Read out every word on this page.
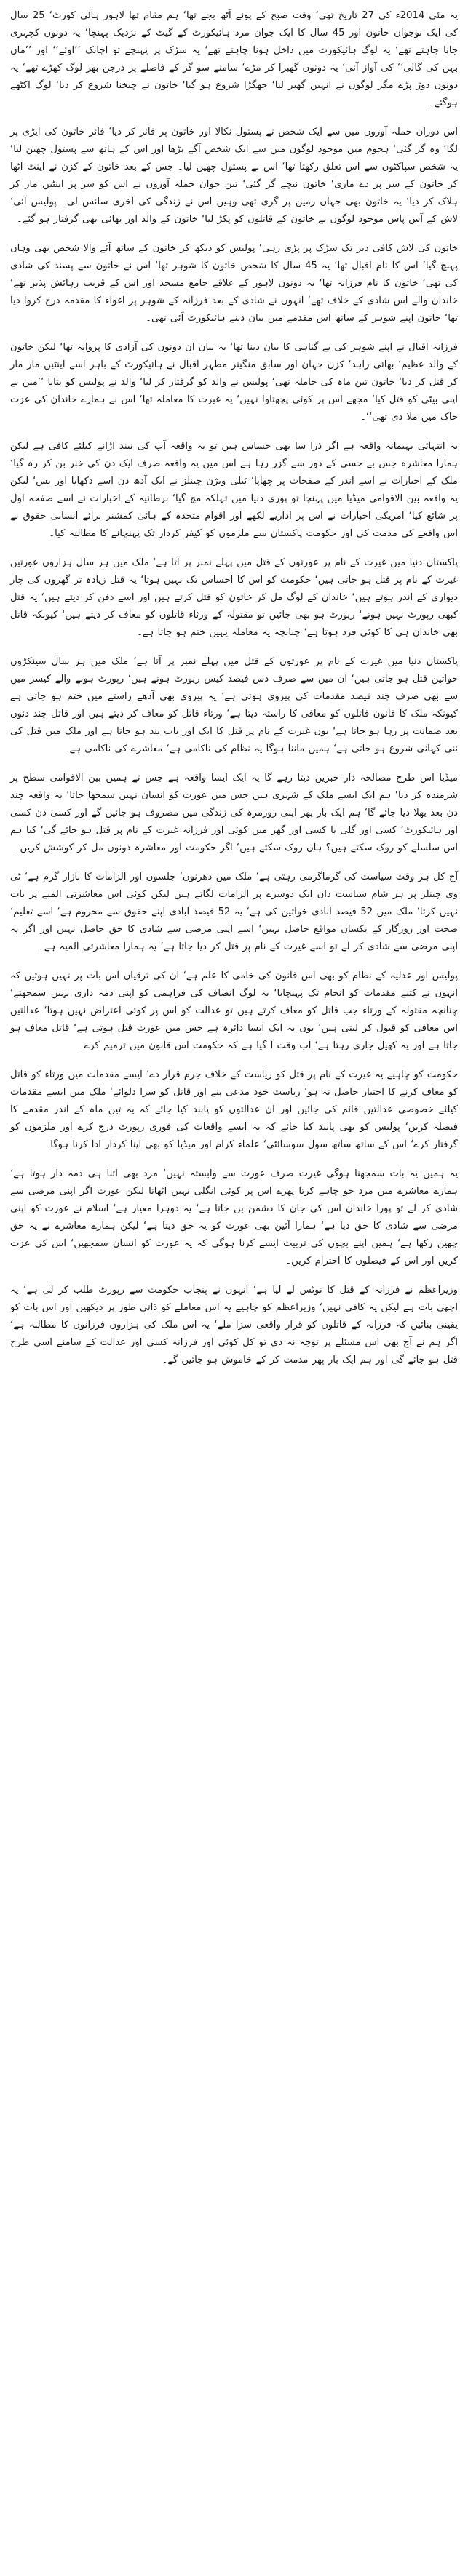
یہ مئی 2014ء کی 27 تاریخ تھی‘ وقت صبح کے پونے آٹھ بجے تھا‘ ہم مقام تھا لاہور ہائی کورٹ‘ 25 سال کی ایک نوجوان خاتون اور 45 سال کا ایک جوان مرد ہائیکورٹ کے گیٹ کے نزدیک پہنچا‘ یہ دونوں کچہری جانا چاہتے تھے‘ یہ لوگ ہائیکورٹ میں داخل ہونا چاہتے تھے‘ یہ سڑک پر پہنچے تو اچانک ’’اوئے‘‘ اور ’’ماں بہن کی گالی‘‘ کی آواز آئی‘ یہ دونوں گھبرا کر مڑے‘ سامنے سو گز کے فاصلے پر درجن بھر لوگ کھڑے تھے‘ یہ دونوں دوڑ پڑے مگر لوگوں نے انہیں گھیر لیا‘ جھگڑا شروع ہو گیا‘ خاتون نے چیخنا شروع کر دیا‘ لوگ اکٹھے ہوگئے۔

اس دوران حملہ آوروں میں سے ایک شخص نے پستول نکالا اور خاتون پر فائر کر دیا‘ فائر خاتون کی ایڑی پر لگا‘ وہ گر گئی‘ ہجوم میں موجود لوگوں میں سے ایک شخص آگے بڑھا اور اس کے ہاتھ سے پستول چھین لیا‘ یہ شخص سپاکٹوں سے اس تعلق رکھتا تھا‘ اس نے پستول چھین لیا۔ جس کے بعد خاتون کے کزن نے اینٹ اٹھا کر خاتون کے سر پر دے ماری‘ خاتون نیچے گر گئی‘ تین جوان حملہ آوروں نے اس کو سر پر اینٹیں مار کر ہلاک کر دیا‘ یہ خاتون بھی جہاں زمین پر گری تھی وہیں اس نے زندگی کی آخری سانس لی۔ پولیس آئی‘ لاش کے آس پاس موجود لوگوں نے خاتون کے قاتلوں کو پکڑ لیا‘ خاتون کے والد اور بھائی بھی گرفتار ہو گئے۔

خاتون کی لاش کافی دیر تک سڑک پر پڑی رہی‘ پولیس کو دیکھ کر خاتون کے ساتھ آئے والا شخص بھی وہاں پہنچ گیا‘ اس کا نام اقبال تھا‘ یہ 45 سال کا شخص خاتون کا شوہر تھا‘ اس نے خاتون سے پسند کی شادی کی تھی‘ خاتون کا نام فرزانہ تھا‘ یہ دونوں لاہور کے علاقے جامع مسجد اور اس کے قریب رہائش پذیر تھے‘ خاندان والے اس شادی کے خلاف تھے‘ انہوں نے شادی کے بعد فرزانہ کے شوہر پر اغواء کا مقدمہ درج کروا دیا تھا‘ خاتون اپنے شوہر کے ساتھ اس مقدمے میں بیان دینے ہائیکورٹ آئی تھی۔

فرزانہ اقبال نے اپنے شوہر کی بے گناہی کا بیان دینا تھا‘ یہ بیان ان دونوں کی آزادی کا پروانہ تھا‘ لیکن خاتون کے والد عظیم‘ بھائی زاہد‘ کزن جہان اور سابق منگیتر مظہر اقبال نے ہائیکورٹ کے باہر اسے اینٹیں مار مار کر قتل کر دیا‘ خاتون تین ماہ کی حاملہ تھی‘ پولیس نے والد کو گرفتار کر لیا‘ والد نے پولیس کو بتایا ’’میں نے اپنی بیٹی کو قتل کیا‘ مجھے اس پر کوئی پچھتاوا نہیں‘ یہ غیرت کا معاملہ تھا‘ اس نے ہمارے خاندان کی عزت خاک میں ملا دی تھی‘‘۔

یہ انتہائی بہیمانہ واقعہ ہے اگر ذرا سا بھی حساس ہیں تو یہ واقعہ آپ کی نیند اڑانے کیلئے کافی ہے لیکن ہمارا معاشرہ جس بے حسی کے دور سے گزر رہا ہے اس میں یہ واقعہ صرف ایک دن کی خبر بن کر رہ گیا‘ ملک کے اخبارات نے اسے اندر کے صفحات پر چھاپا‘ ٹیلی ویژن چینلز نے ایک آدھ دن اسے دکھایا اور بس‘ لیکن یہ واقعہ بین الاقوامی میڈیا میں پہنچا تو پوری دنیا میں تہلکہ مچ گیا‘ برطانیہ کے اخبارات نے اسے صفحہ اول پر شائع کیا‘ امریکی اخبارات نے اس پر اداریے لکھے اور اقوام متحدہ کے ہائی کمشنر برائے انسانی حقوق نے اس واقعے کی مذمت کی اور حکومت پاکستان سے ملزموں کو کیفر کردار تک پہنچانے کا مطالبہ کیا۔

پاکستان دنیا میں غیرت کے نام پر عورتوں کے قتل میں پہلے نمبر پر آتا ہے‘ ملک میں ہر سال ہزاروں عورتیں غیرت کے نام پر قتل ہو جاتی ہیں‘ حکومت کو اس کا احساس تک نہیں ہوتا‘ یہ قتل زیادہ تر گھروں کی چار دیواری کے اندر ہوتے ہیں‘ خاندان کے لوگ مل کر خاتون کو قتل کرتے ہیں اور اسے دفن کر دیتے ہیں‘ یہ قتل کبھی رپورٹ نہیں ہوتے‘ رپورٹ ہو بھی جائیں تو مقتولہ کے ورثاء قاتلوں کو معاف کر دیتے ہیں‘ کیونکہ قاتل بھی خاندان ہی کا کوئی فرد ہوتا ہے‘ چنانچہ یہ معاملہ یہیں ختم ہو جاتا ہے۔

پاکستان دنیا میں غیرت کے نام پر عورتوں کے قتل میں پہلے نمبر پر آتا ہے‘ ملک میں ہر سال سینکڑوں خواتین قتل ہو جاتی ہیں‘ ان میں سے صرف دس فیصد کیس رپورٹ ہوتے ہیں‘ رپورٹ ہونے والے کیسز میں سے بھی صرف چند فیصد مقدمات کی پیروی ہوتی ہے‘ یہ پیروی بھی آدھے راستے میں ختم ہو جاتی ہے کیونکہ ملک کا قانون قاتلوں کو معافی کا راستہ دیتا ہے‘ ورثاء قاتل کو معاف کر دیتے ہیں اور قاتل چند دنوں بعد ضمانت پر رہا ہو جاتا ہے‘ یوں غیرت کے نام پر قتل کا ایک اور باب بند ہو جاتا ہے اور ملک میں قتل کی نئی کہانی شروع ہو جاتی ہے‘ ہمیں ماننا ہوگا یہ نظام کی ناکامی ہے‘ معاشرے کی ناکامی ہے۔

میڈیا اس طرح مصالحہ دار خبریں دیتا رہے گا یہ ایک ایسا واقعہ ہے جس نے ہمیں بین الاقوامی سطح پر شرمندہ کر دیا‘ ہم ایک ایسے ملک کے شہری ہیں جس میں عورت کو انسان نہیں سمجھا جاتا‘ یہ واقعہ چند دن بعد بھلا دیا جائے گا‘ ہم ایک بار پھر اپنی روزمرہ کی زندگی میں مصروف ہو جائیں گے اور کسی دن کسی اور ہائیکورٹ‘ کسی اور گلی یا کسی اور گھر میں کوئی اور فرزانہ غیرت کے نام پر قتل ہو جائے گی‘ کیا ہم اس سلسلے کو روک سکتے ہیں؟ ہاں روک سکتے ہیں‘ اگر حکومت اور معاشرہ دونوں مل کر کوشش کریں۔

آج کل ہر وقت سیاست کی گرماگرمی رہتی ہے‘ ملک میں دھرنوں‘ جلسوں اور الزامات کا بازار گرم ہے‘ ٹی وی چینلز پر ہر شام سیاست دان ایک دوسرے پر الزامات لگاتے ہیں لیکن کوئی اس معاشرتی المیے پر بات نہیں کرتا‘ ملک میں 52 فیصد آبادی خواتین کی ہے‘ یہ 52 فیصد آبادی اپنے حقوق سے محروم ہے‘ اسے تعلیم‘ صحت اور روزگار کے یکساں مواقع حاصل نہیں‘ اسے اپنی مرضی سے شادی کا حق حاصل نہیں اور اگر یہ اپنی مرضی سے شادی کر لے تو اسے غیرت کے نام پر قتل کر دیا جاتا ہے‘ یہ ہمارا معاشرتی المیہ ہے۔

پولیس اور عدلیہ کے نظام کو بھی اس قانون کی خامی کا علم ہے‘ ان کی ترقیاں اس بات پر نہیں ہوتیں کہ انہوں نے کتنے مقدمات کو انجام تک پہنچایا‘ یہ لوگ انصاف کی فراہمی کو اپنی ذمہ داری نہیں سمجھتے‘ چنانچہ مقتولہ کے ورثاء جب قاتل کو معاف کرتے ہیں تو عدالت کو اس پر کوئی اعتراض نہیں ہوتا‘ عدالتیں اس معافی کو قبول کر لیتی ہیں‘ یوں یہ ایک ایسا دائرہ ہے جس میں عورت قتل ہوتی ہے‘ قاتل معاف ہو جاتا ہے اور یہ کھیل جاری رہتا ہے‘ اب وقت آ گیا ہے کہ حکومت اس قانون میں ترمیم کرے۔

حکومت کو چاہیے یہ غیرت کے نام پر قتل کو ریاست کے خلاف جرم قرار دے‘ ایسے مقدمات میں ورثاء کو قاتل کو معاف کرنے کا اختیار حاصل نہ ہو‘ ریاست خود مدعی بنے اور قاتل کو سزا دلوائے‘ ملک میں ایسے مقدمات کیلئے خصوصی عدالتیں قائم کی جائیں اور ان عدالتوں کو پابند کیا جائے کہ یہ تین ماہ کے اندر مقدمے کا فیصلہ کریں‘ پولیس کو بھی پابند کیا جائے کہ یہ ایسے واقعات کی فوری رپورٹ درج کرے اور ملزموں کو گرفتار کرے‘ اس کے ساتھ ساتھ سول سوسائٹی‘ علماء کرام اور میڈیا کو بھی اپنا کردار ادا کرنا ہوگا۔

یہ ہمیں یہ بات سمجھنا ہوگی غیرت صرف عورت سے وابستہ نہیں‘ مرد بھی اتنا ہی ذمہ دار ہوتا ہے‘ ہمارے معاشرے میں مرد جو چاہے کرتا پھرے اس پر کوئی انگلی نہیں اٹھاتا لیکن عورت اگر اپنی مرضی سے شادی کر لے تو پورا خاندان اس کی جان کا دشمن بن جاتا ہے‘ یہ دوہرا معیار ہے‘ اسلام نے عورت کو اپنی مرضی سے شادی کا حق دیا ہے‘ ہمارا آئین بھی عورت کو یہ حق دیتا ہے‘ لیکن ہمارے معاشرے نے یہ حق چھین رکھا ہے‘ ہمیں اپنے بچوں کی تربیت ایسے کرنا ہوگی کہ یہ عورت کو انسان سمجھیں‘ اس کی عزت کریں اور اس کے فیصلوں کا احترام کریں۔

وزیراعظم نے فرزانہ کے قتل کا نوٹس لے لیا ہے‘ انہوں نے پنجاب حکومت سے رپورٹ طلب کر لی ہے‘ یہ اچھی بات ہے لیکن یہ کافی نہیں‘ وزیراعظم کو چاہیے یہ اس معاملے کو ذاتی طور پر دیکھیں اور اس بات کو یقینی بنائیں کہ فرزانہ کے قاتلوں کو قرار واقعی سزا ملے‘ یہ اس ملک کی ہزاروں فرزانوں کا مطالبہ ہے‘ اگر ہم نے آج بھی اس مسئلے پر توجہ نہ دی تو کل کوئی اور فرزانہ کسی اور عدالت کے سامنے اسی طرح قتل ہو جائے گی اور ہم ایک بار پھر مذمت کر کے خاموش ہو جائیں گے۔
